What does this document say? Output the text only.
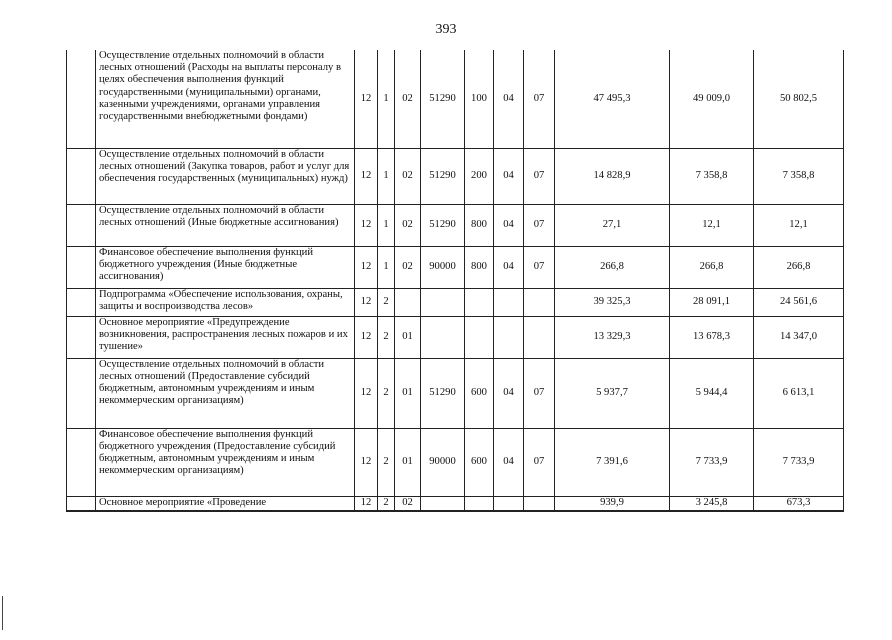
393
	Осуществление отдельных полномочий в области лесных отношений (Расходы на выплаты персоналу в целях обеспечения выполнения функций государственными (муниципальными) органами, казенными учреждениями, органами управления государственными внебюджетными фондами)	12	1	02	51290	100	04	07	47 495,3	49 009,0	50 802,5
	Осуществление отдельных полномочий в области лесных отношений (Закупка товаров, работ и услуг для обеспечения государственных (муниципальных) нужд)	12	1	02	51290	200	04	07	14 828,9	7 358,8	7 358,8
	Осуществление отдельных полномочий в области лесных отношений (Иные бюджетные ассигнования)	12	1	02	51290	800	04	07	27,1	12,1	12,1
	Финансовое обеспечение выполнения функций бюджетного учреждения (Иные бюджетные ассигнования)	12	1	02	90000	800	04	07	266,8	266,8	266,8
	Подпрограмма «Обеспечение использования, охраны, защиты и воспроизводства лесов»	12	2						39 325,3	28 091,1	24 561,6
	Основное мероприятие «Предупреждение возникновения, распространения лесных пожаров и их тушение»	12	2	01					13 329,3	13 678,3	14 347,0
	Осуществление отдельных полномочий в области лесных отношений (Предоставление субсидий бюджетным, автономным учреждениям и иным некоммерческим организациям)	12	2	01	51290	600	04	07	5 937,7	5 944,4	6 613,1
	Финансовое обеспечение выполнения функций бюджетного учреждения (Предоставление субсидий бюджетным, автономным учреждениям и иным некоммерческим организациям)	12	2	01	90000	600	04	07	7 391,6	7 733,9	7 733,9
	Основное мероприятие «Проведение	12	2	02					939,9	3 245,8	673,3
